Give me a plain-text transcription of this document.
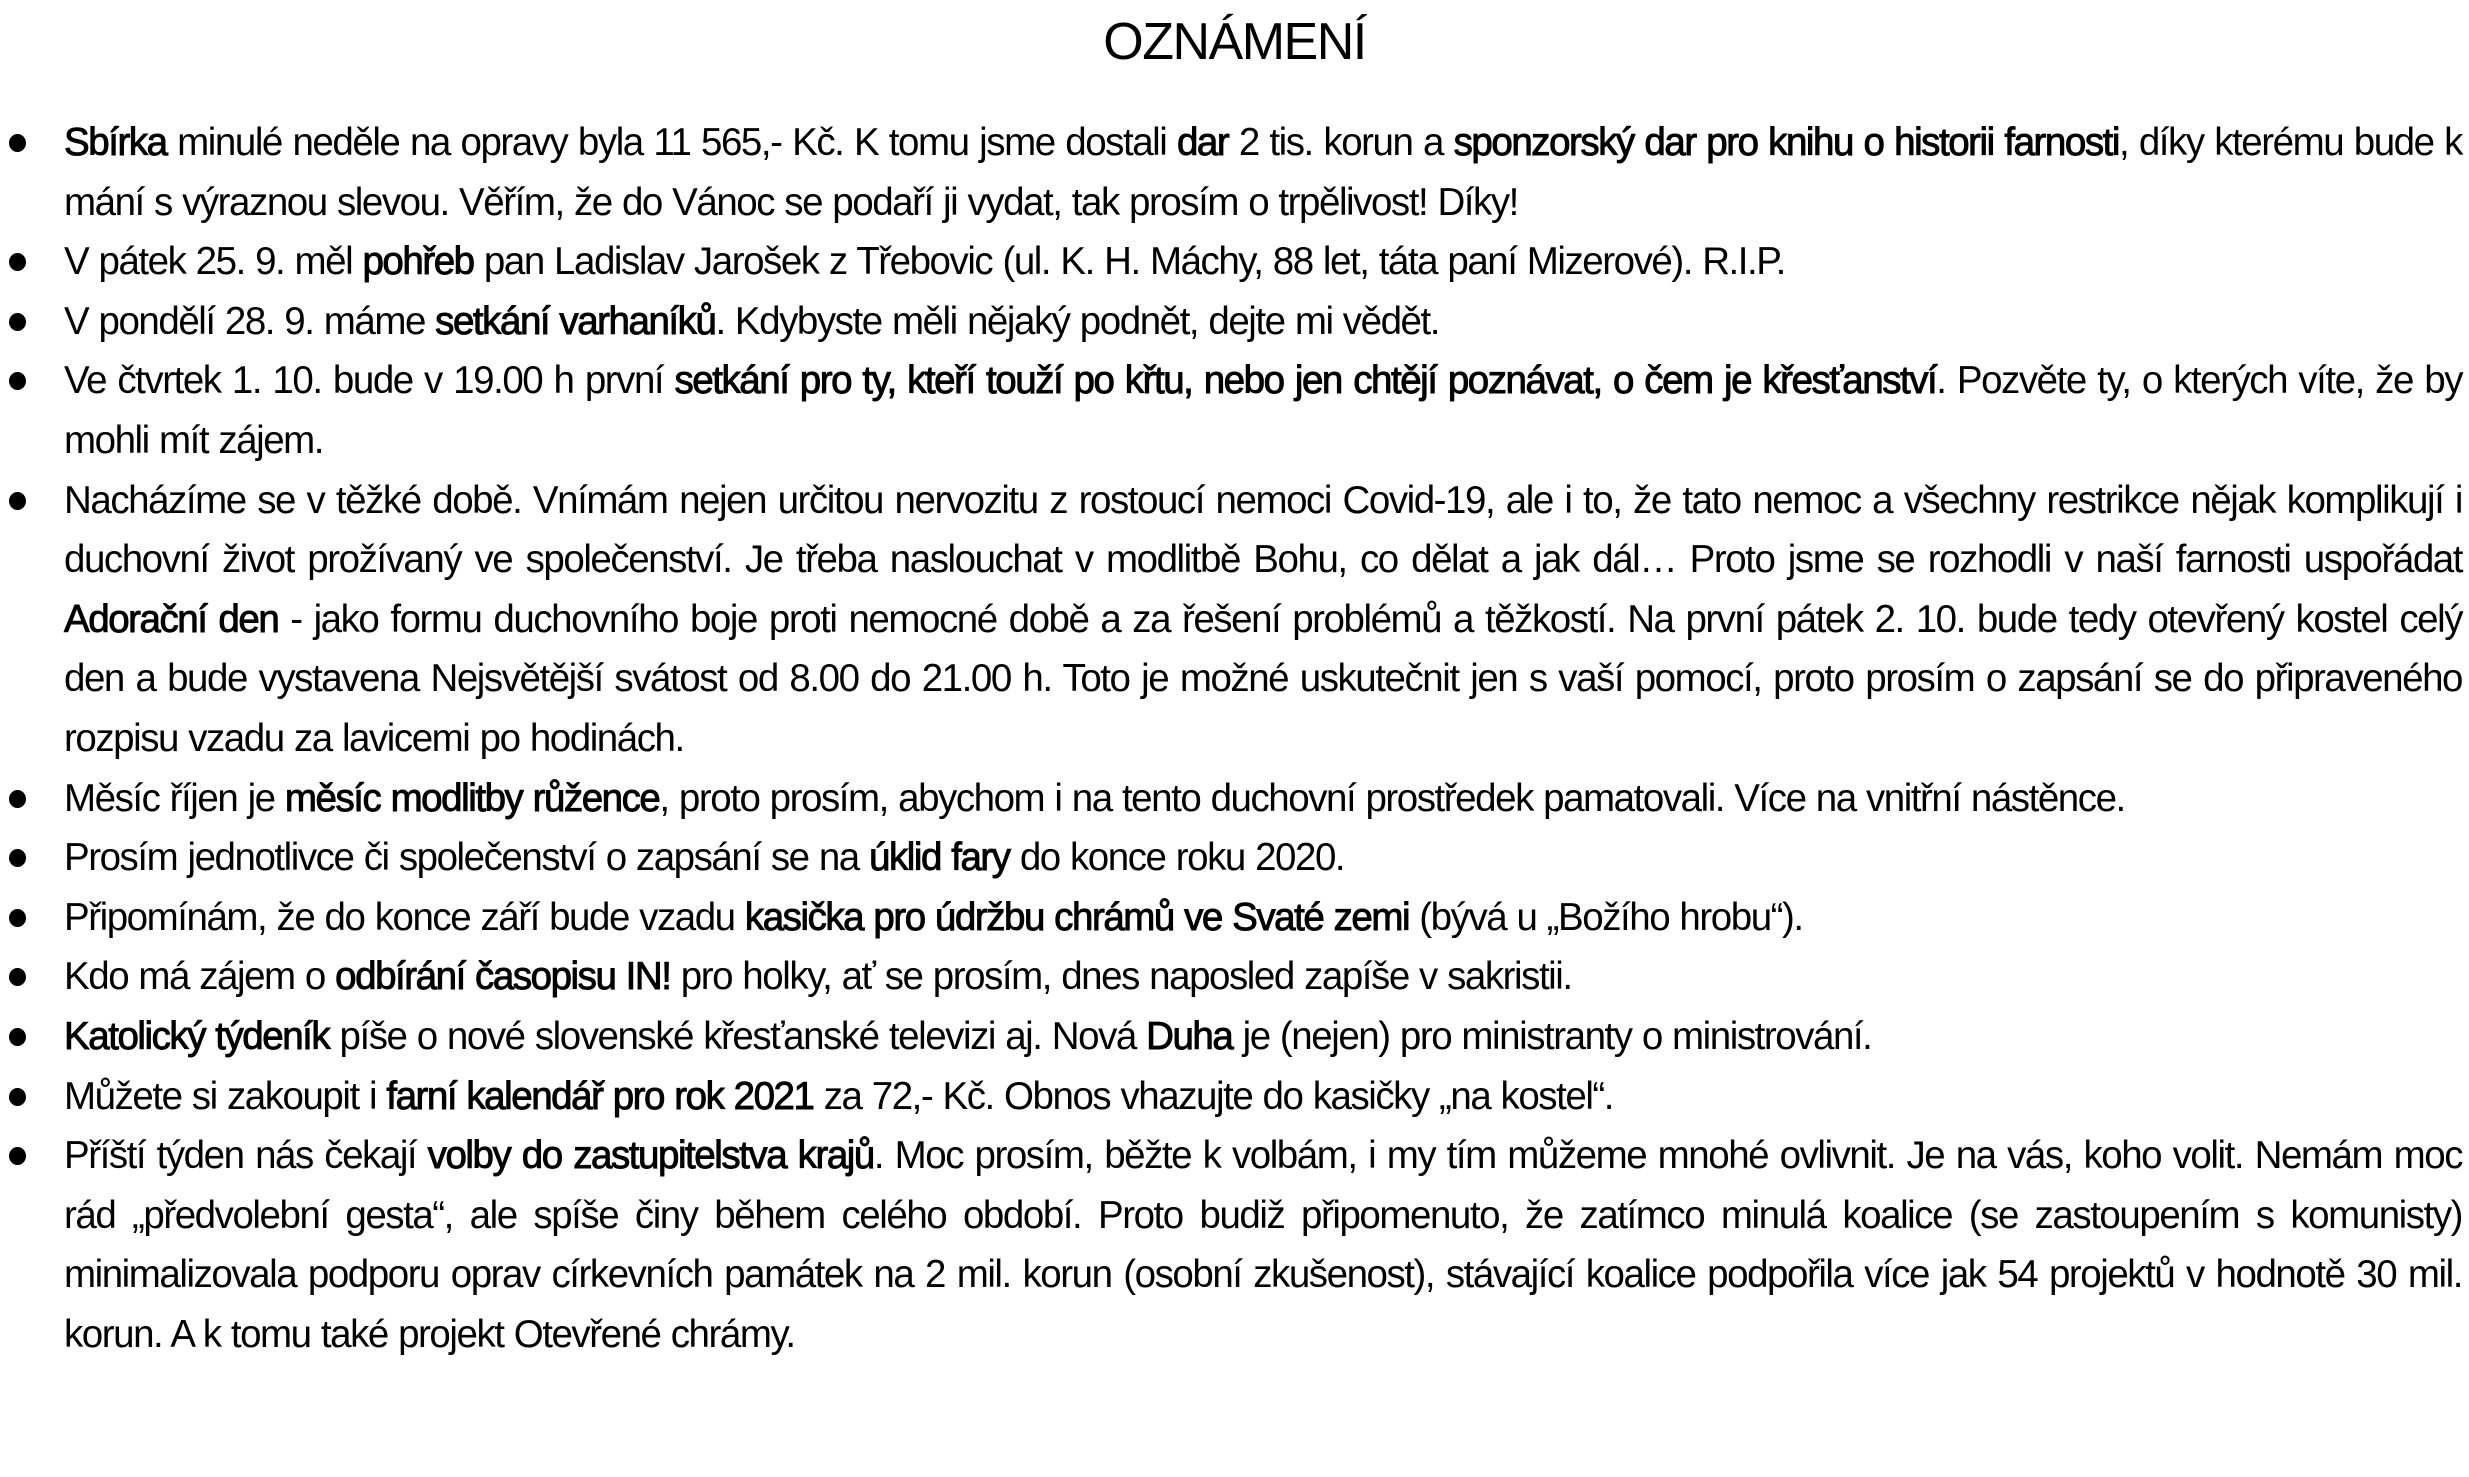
OZNÁMENÍ
Sbírka minulé neděle na opravy byla 11 565,- Kč. K tomu jsme dostali dar 2 tis. korun a sponzorský dar pro knihu o historii farnosti, díky kterému bude k mání s výraznou slevou. Věřím, že do Vánoc se podaří ji vydat, tak prosím o trpělivost! Díky!
V pátek 25. 9. měl pohřeb pan Ladislav Jarošek z Třebovic (ul. K. H. Máchy, 88 let, táta paní Mizerové). R.I.P.
V pondělí 28. 9. máme setkání varhaníků. Kdybyste měli nějaký podnět, dejte mi vědět.
Ve čtvrtek 1. 10. bude v 19.00 h první setkání pro ty, kteří touží po křtu, nebo jen chtějí poznávat, o čem je křesťanství. Pozvěte ty, o kterých víte, že by mohli mít zájem.
Nacházíme se v těžké době. Vnímám nejen určitou nervozitu z rostoucí nemoci Covid-19, ale i to, že tato nemoc a všechny restrikce nějak komplikují i duchovní život prožívaný ve společenství. Je třeba naslouchat v modlitbě Bohu, co dělat a jak dál… Proto jsme se rozhodli v naší farnosti uspořádat Adorační den - jako formu duchovního boje proti nemocné době a za řešení problémů a těžkostí. Na první pátek 2. 10. bude tedy otevřený kostel celý den a bude vystavena Nejsvětější svátost od 8.00 do 21.00 h. Toto je možné uskutečnit jen s vaší pomocí, proto prosím o zapsání se do připraveného rozpisu vzadu za lavicemi po hodinách.
Měsíc říjen je měsíc modlitby růžence, proto prosím, abychom i na tento duchovní prostředek pamatovali. Více na vnitřní nástěnce.
Prosím jednotlivce či společenství o zapsání se na úklid fary do konce roku 2020.
Připomínám, že do konce září bude vzadu kasička pro údržbu chrámů ve Svaté zemi (bývá u „Božího hrobu“).
Kdo má zájem o odbírání časopisu IN! pro holky, ať se prosím, dnes naposled zapíše v sakristii.
Katolický týdeník píše o nové slovenské křesťanské televizi aj. Nová Duha je (nejen) pro ministranty o ministrování.
Můžete si zakoupit i farní kalendář pro rok 2021 za 72,- Kč. Obnos vhazujte do kasičky „na kostel“.
Příští týden nás čekají volby do zastupitelstva krajů. Moc prosím, běžte k volbám, i my tím můžeme mnohé ovlivnit. Je na vás, koho volit. Nemám moc rád „předvolební gesta“, ale spíše činy během celého období. Proto budiž připomenuto, že zatímco minulá koalice (se zastoupením s komunisty) minimalizovala podporu oprav církevních památek na 2 mil. korun (osobní zkušenost), stávající koalice podpořila více jak 54 projektů v hodnotě 30 mil. korun. A k tomu také projekt Otevřené chrámy.
